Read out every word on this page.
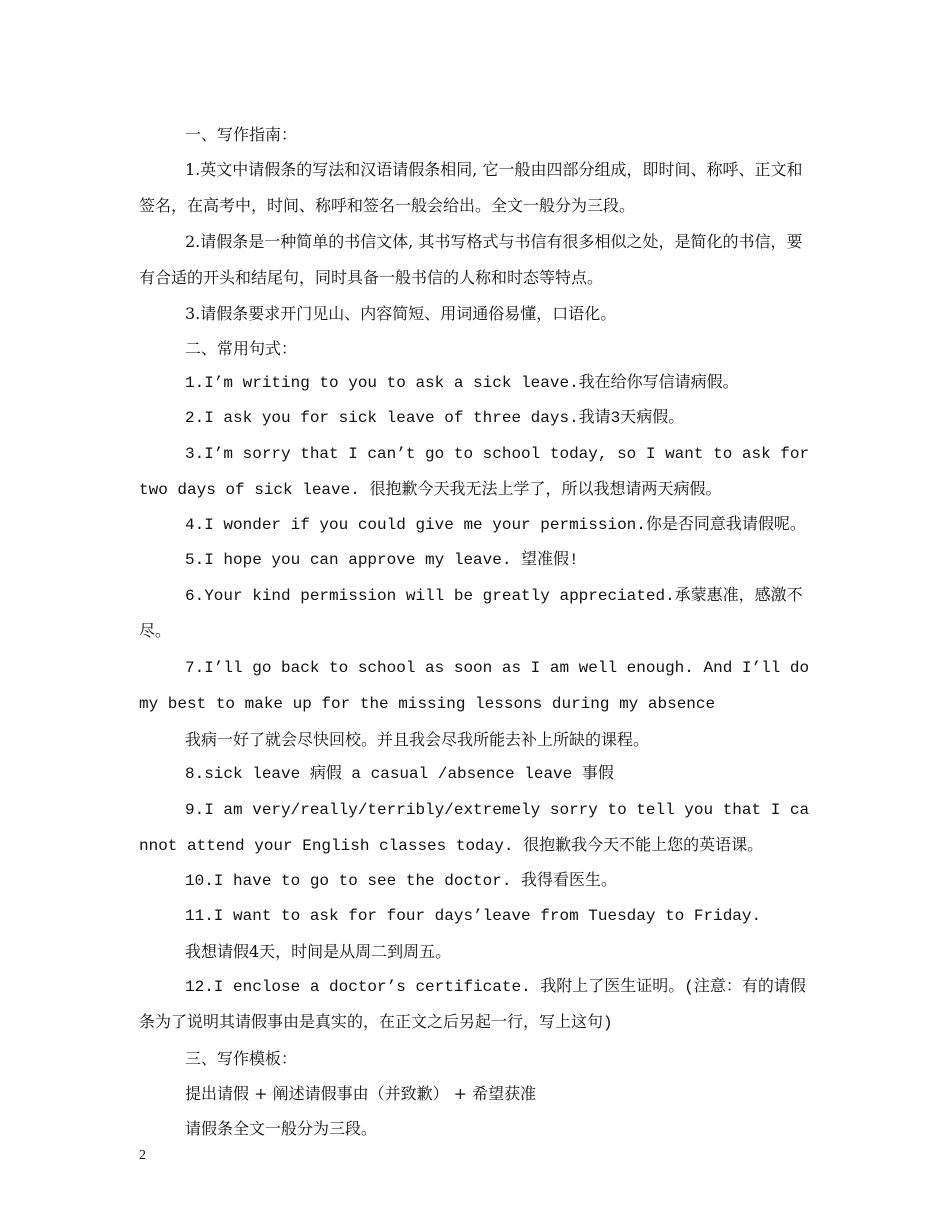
一、写作指南：

1.英文中请假条的写法和汉语请假条相同, 它一般由四部分组成，即时间、称呼、正文和签名，在高考中，时间、称呼和签名一般会给出。全文一般分为三段。

2.请假条是一种简单的书信文体, 其书写格式与书信有很多相似之处，是简化的书信，要有合适的开头和结尾句，同时具备一般书信的人称和时态等特点。

3.请假条要求开门见山、内容简短、用词通俗易懂，口语化。

二、常用句式：

1.I’m writing to you to ask a sick leave.我在给你写信请病假。

2.I ask you for sick leave of three days.我请3天病假。

3.I’m sorry that I can’t go to school today, so I want to ask for two days of sick leave. 很抱歉今天我无法上学了，所以我想请两天病假。

4.I wonder if you could give me your permission.你是否同意我请假呢。

5.I hope you can approve my leave. 望准假!

6.Your kind permission will be greatly appreciated.承蒙惠准，感激不尽。

7.I’ll go back to school as soon as I am well enough. And I’ll do my best to make up for the missing lessons during my absence

我病一好了就会尽快回校。并且我会尽我所能去补上所缺的课程。

8.sick leave 病假 a casual /absence leave 事假

9.I am very/really/terribly/extremely sorry to tell you that I cannot attend your English classes today. 很抱歉我今天不能上您的英语课。

10.I have to go to see the doctor. 我得看医生。

11.I want to ask for four days’leave from Tuesday to Friday.

我想请假4天，时间是从周二到周五。

12.I enclose a doctor’s certificate. 我附上了医生证明。(注意：有的请假条为了说明其请假事由是真实的，在正文之后另起一行，写上这句)

三、写作模板：

提出请假 + 阐述请假事由（并致歉） + 希望获准

请假条全文一般分为三段。

2
